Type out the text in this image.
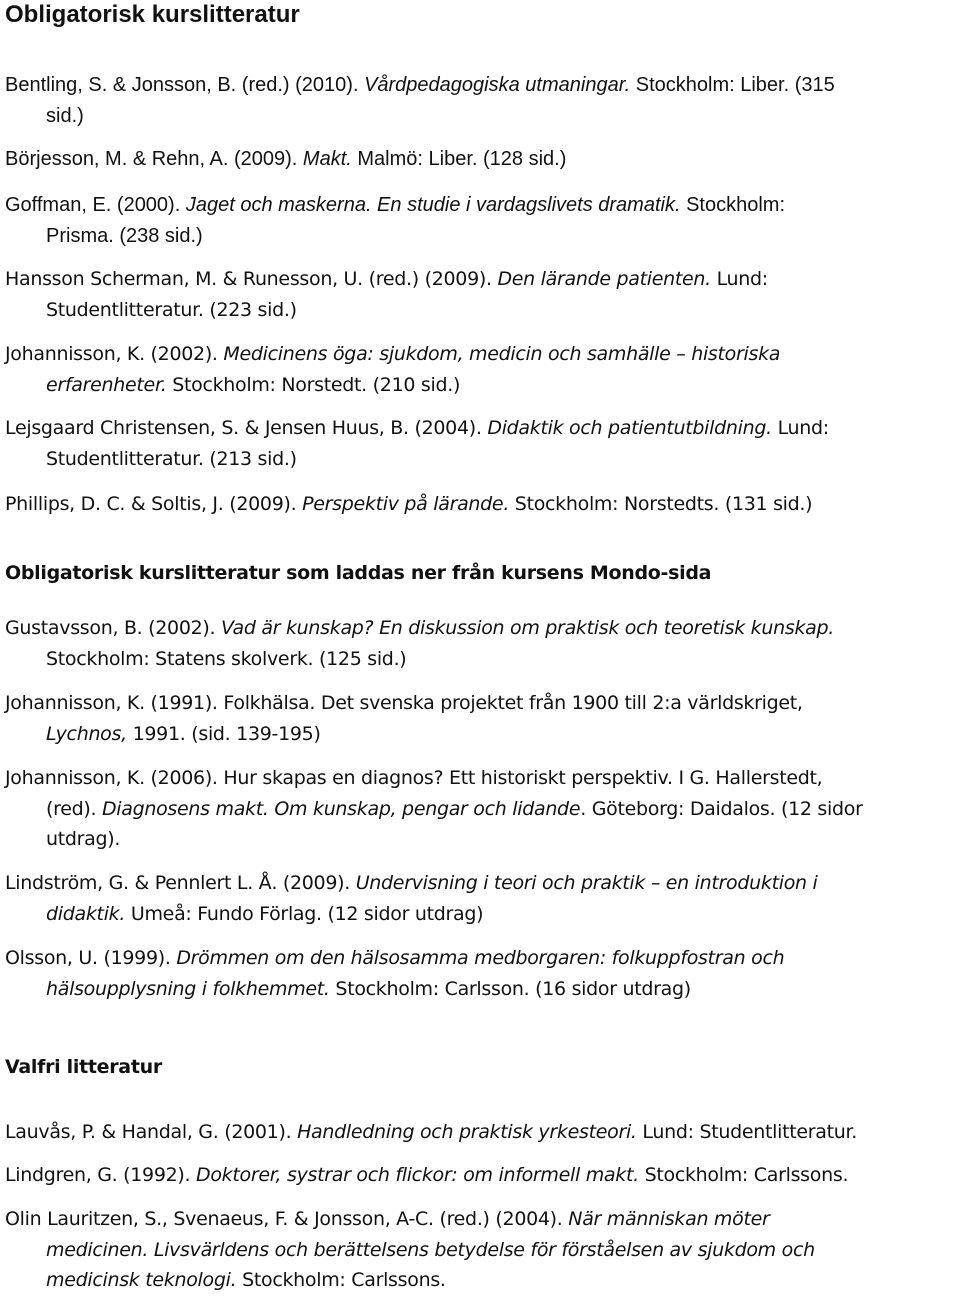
Obligatorisk kurslitteratur

Bentling, S. & Jonsson, B. (red.) (2010). Vårdpedagogiska utmaningar. Stockholm: Liber. (315
sid.)

Börjesson, M. & Rehn, A. (2009). Makt. Malmö: Liber. (128 sid.)

Goffman, E. (2000). Jaget och maskerna. En studie i vardagslivets dramatik. Stockholm:
Prisma. (238 sid.)

Hansson Scherman, M. & Runesson, U. (red.) (2009). Den lärande patienten. Lund:
Studentlitteratur. (223 sid.)

Johannisson, K. (2002). Medicinens öga: sjukdom, medicin och samhälle – historiska
erfarenheter. Stockholm: Norstedt. (210 sid.)

Lejsgaard Christensen, S. & Jensen Huus, B. (2004). Didaktik och patientutbildning. Lund:
Studentlitteratur. (213 sid.)

Phillips, D. C. & Soltis, J. (2009). Perspektiv på lärande. Stockholm: Norstedts. (131 sid.)

Obligatorisk kurslitteratur som laddas ner från kursens Mondo-sida

Gustavsson, B. (2002). Vad är kunskap? En diskussion om praktisk och teoretisk kunskap.
Stockholm: Statens skolverk. (125 sid.)

Johannisson, K. (1991). Folkhälsa. Det svenska projektet från 1900 till 2:a världskriget,
Lychnos, 1991. (sid. 139-195)

Johannisson, K. (2006). Hur skapas en diagnos? Ett historiskt perspektiv. I G. Hallerstedt,
(red). Diagnosens makt. Om kunskap, pengar och lidande. Göteborg: Daidalos. (12 sidor
utdrag).

Lindström, G. & Pennlert L. Å. (2009). Undervisning i teori och praktik – en introduktion i
didaktik. Umeå: Fundo Förlag. (12 sidor utdrag)

Olsson, U. (1999). Drömmen om den hälsosamma medborgaren: folkuppfostran och
hälsoupplysning i folkhemmet. Stockholm: Carlsson. (16 sidor utdrag)

Valfri litteratur

Lauvås, P. & Handal, G. (2001). Handledning och praktisk yrkesteori. Lund: Studentlitteratur.

Lindgren, G. (1992). Doktorer, systrar och flickor: om informell makt. Stockholm: Carlssons.

Olin Lauritzen, S., Svenaeus, F. & Jonsson, A-C. (red.) (2004). När människan möter
medicinen. Livsvärldens och berättelsens betydelse för förståelsen av sjukdom och
medicinsk teknologi. Stockholm: Carlssons.
